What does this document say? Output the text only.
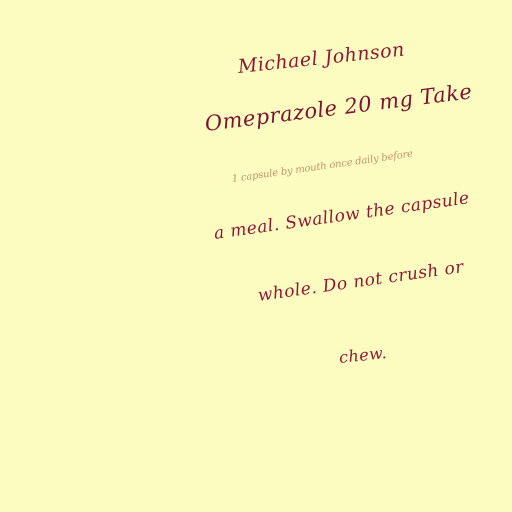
Michael Johnson
Omeprazole 20 mg Take
1 capsule by mouth once daily before
a meal. Swallow the capsule
whole. Do not crush or
chew.
